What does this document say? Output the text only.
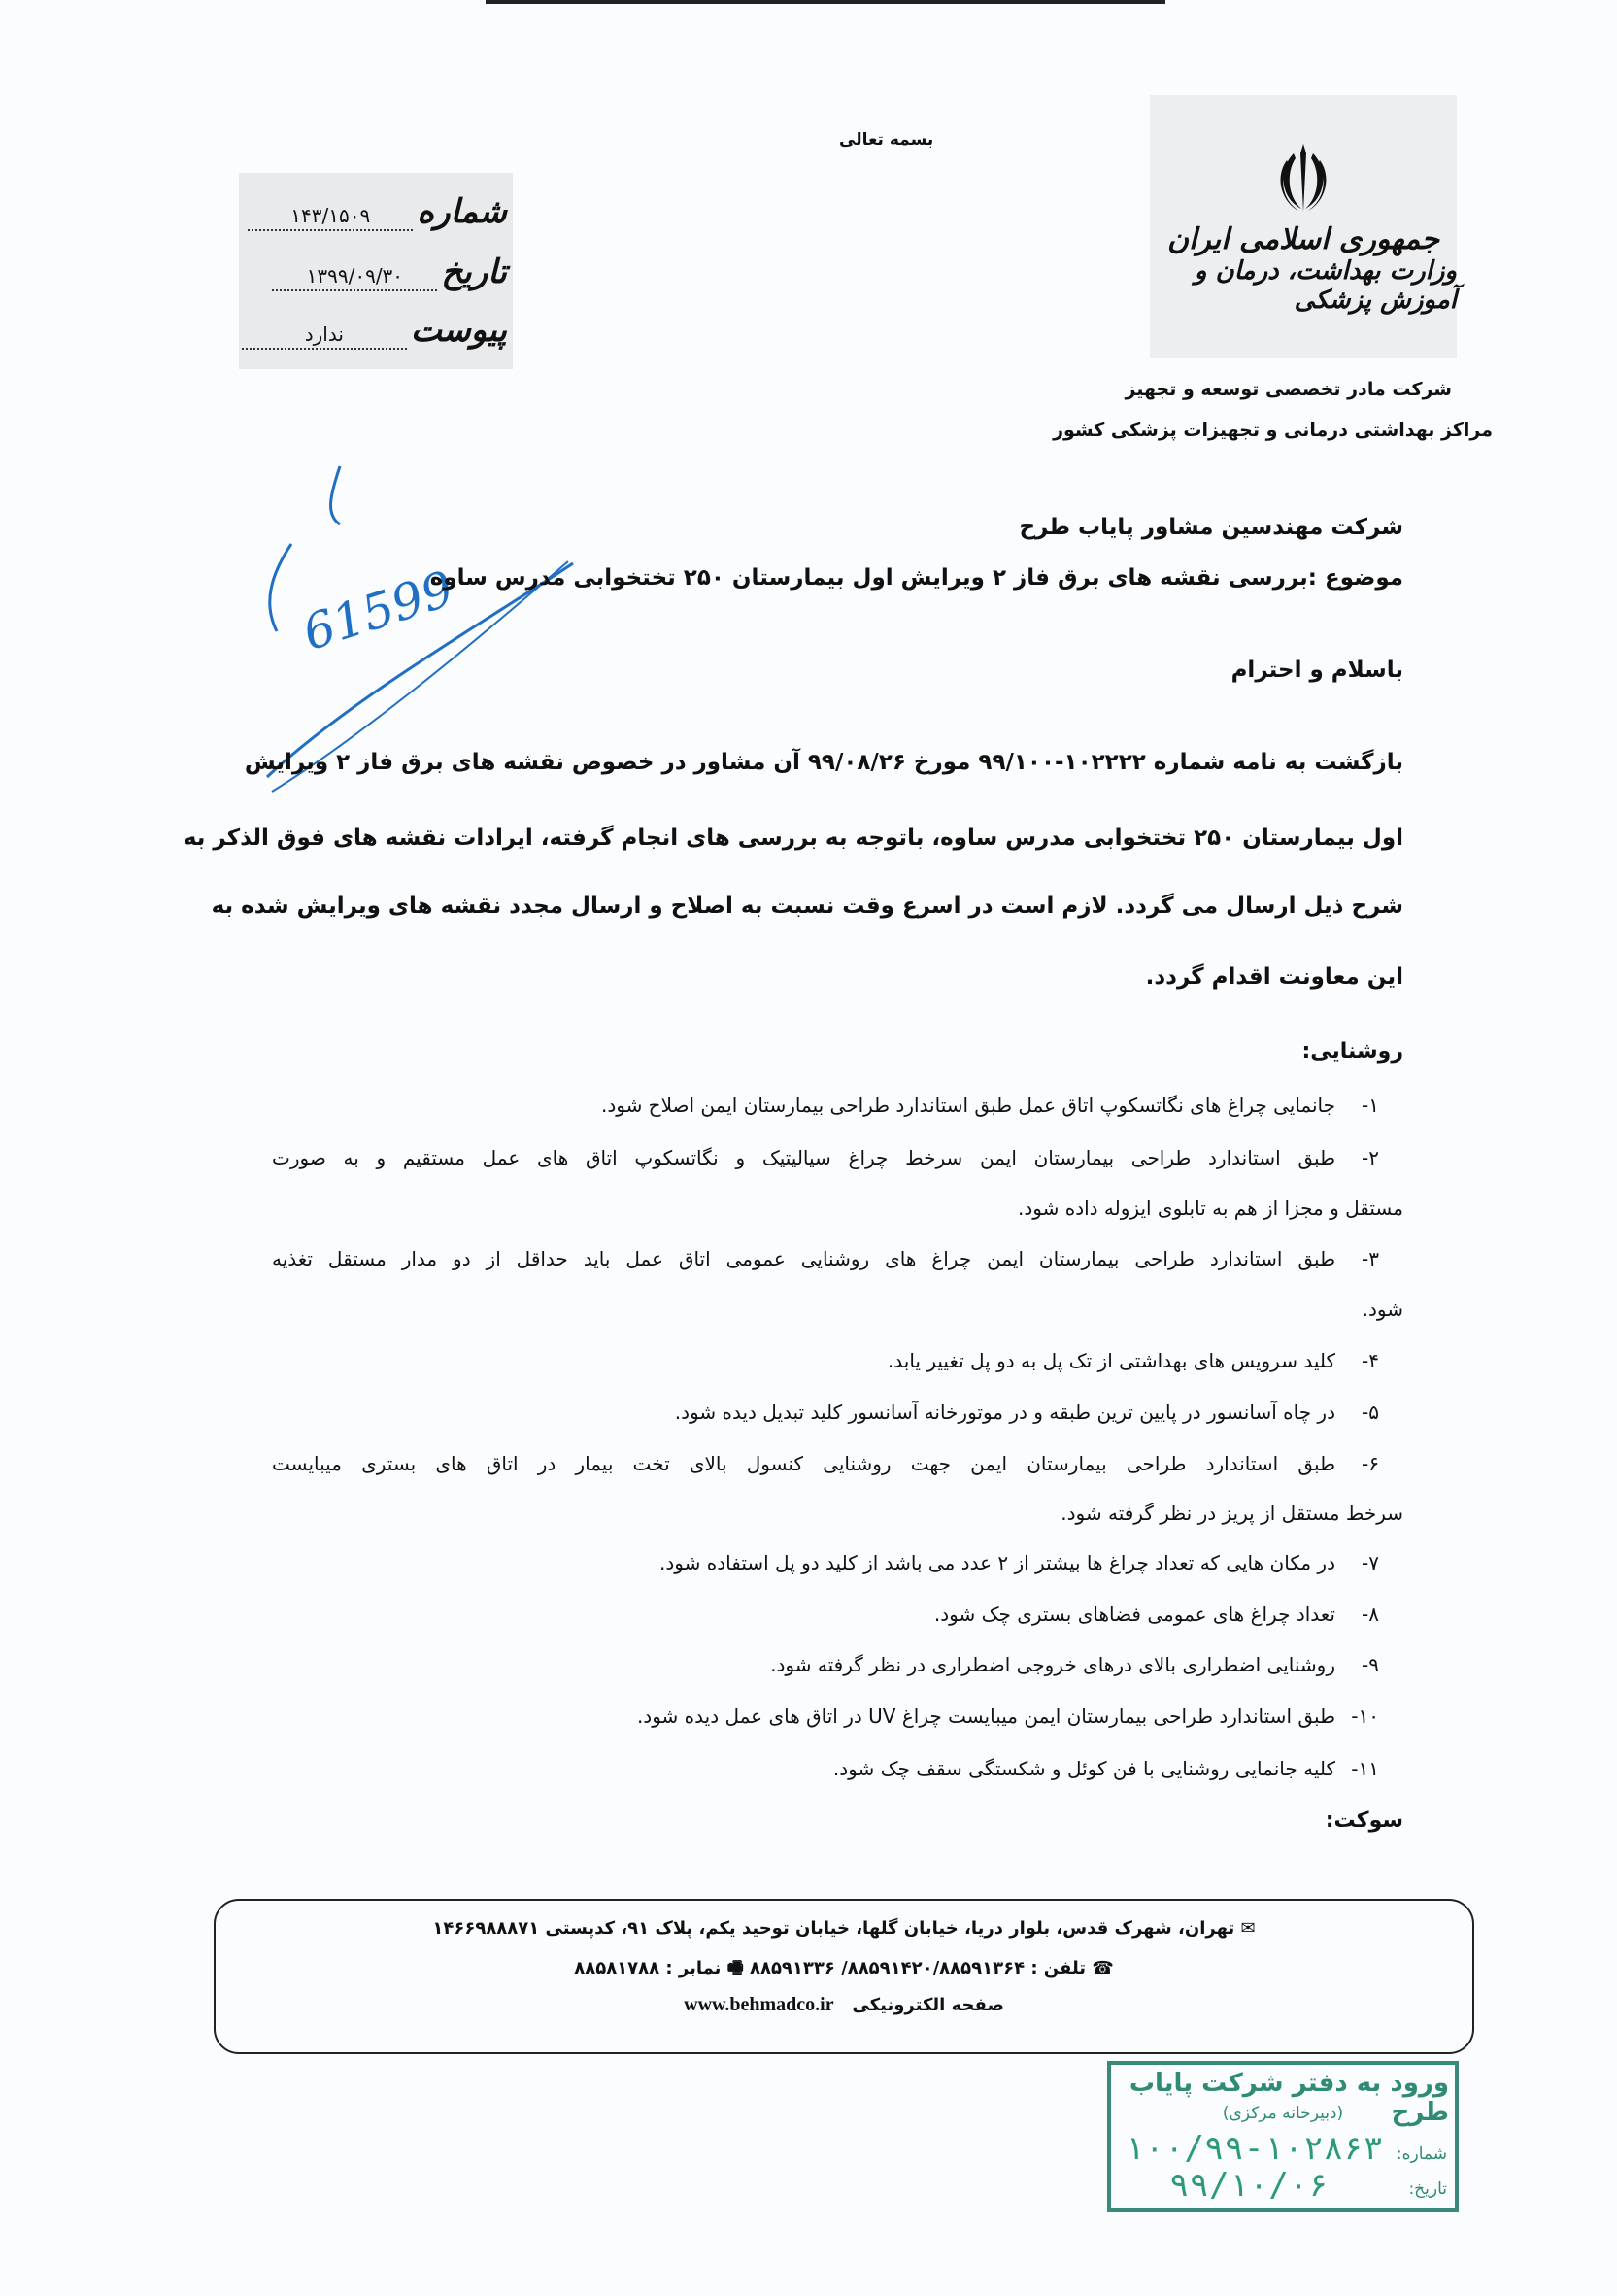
بسمه تعالی
شماره
۱۴۳/۱۵۰۹
تاریخ
۱۳۹۹/۰۹/۳۰
پیوست
ندارد
جمهوری اسلامی ایران
وزارت بهداشت، درمان و آموزش پزشکی
شرکت مادر تخصصی توسعه و تجهیز
مراکز بهداشتی درمانی و تجهیزات پزشکی کشور
61599
شرکت مهندسین مشاور پایاب طرح
موضوع :بررسی نقشه های برق فاز ۲ ویرایش اول بیمارستان ۲۵۰ تختخوابی مدرس ساوه
باسلام و احترام
بازگشت به نامه شماره ۱۰۲۲۲۲-۹۹/۱۰۰ مورخ ۹۹/۰۸/۲۶ آن مشاور در خصوص نقشه های برق فاز ۲ ویرایش
اول بیمارستان ۲۵۰ تختخوابی مدرس ساوه، باتوجه به بررسی های انجام گرفته، ایرادات نقشه های فوق الذکر به
شرح ذیل ارسال می گردد. لازم است در اسرع وقت نسبت به اصلاح و ارسال مجدد نقشه های ویرایش شده به
این معاونت اقدام گردد.
روشنایی:
۱-
جانمایی چراغ های نگاتسکوپ اتاق عمل طبق استاندارد طراحی بیمارستان ایمن اصلاح شود.
۲-
طبق استاندارد طراحی بیمارستان ایمن سرخط چراغ سیالیتیک و نگاتسکوپ اتاق های عمل مستقیم و به صورت
مستقل و مجزا از هم به تابلوی ایزوله داده شود.
۳-
طبق استاندارد طراحی بیمارستان ایمن چراغ های روشنایی عمومی اتاق عمل باید حداقل از دو مدار مستقل تغذیه
شود.
۴-
کلید سرویس های بهداشتی از تک پل به دو پل تغییر یابد.
۵-
در چاه آسانسور در پایین ترین طبقه و در موتورخانه آسانسور کلید تبدیل دیده شود.
۶-
طبق استاندارد طراحی بیمارستان ایمن جهت روشنایی کنسول بالای تخت بیمار در اتاق های بستری میبایست
سرخط مستقل از پریز در نظر گرفته شود.
۷-
در مکان هایی که تعداد چراغ ها بیشتر از ۲ عدد می باشد از کلید دو پل استفاده شود.
۸-
تعداد چراغ های عمومی فضاهای بستری چک شود.
۹-
روشنایی اضطراری بالای درهای خروجی اضطراری در نظر گرفته شود.
۱۰-
طبق استاندارد طراحی بیمارستان ایمن میبایست چراغ UV در اتاق های عمل دیده شود.
۱۱-
کلیه جانمایی روشنایی با فن کوئل و شکستگی سقف چک شود.
سوکت:
✉ تهران، شهرک قدس، بلوار دریا، خیابان گلها، خیابان توحید یکم، پلاک ۹۱، کدپستی ۱۴۶۶۹۸۸۸۷۱
☎ تلفن : ۸۸۵۹۱۴۲۰/۸۸۵۹۱۳۶۴/ ۸۸۵۹۱۳۳۶ 🖷 نمابر : ۸۸۵۸۱۷۸۸
صفحه الکترونیکی   www.behmadco.ir
ورود به دفتر شرکت پایاب طرح
(دبیرخانه مرکزی)
شماره:
۱۰۰/۹۹-۱۰۲۸۶۳
تاریخ:
۹۹/۱۰/۰۶
